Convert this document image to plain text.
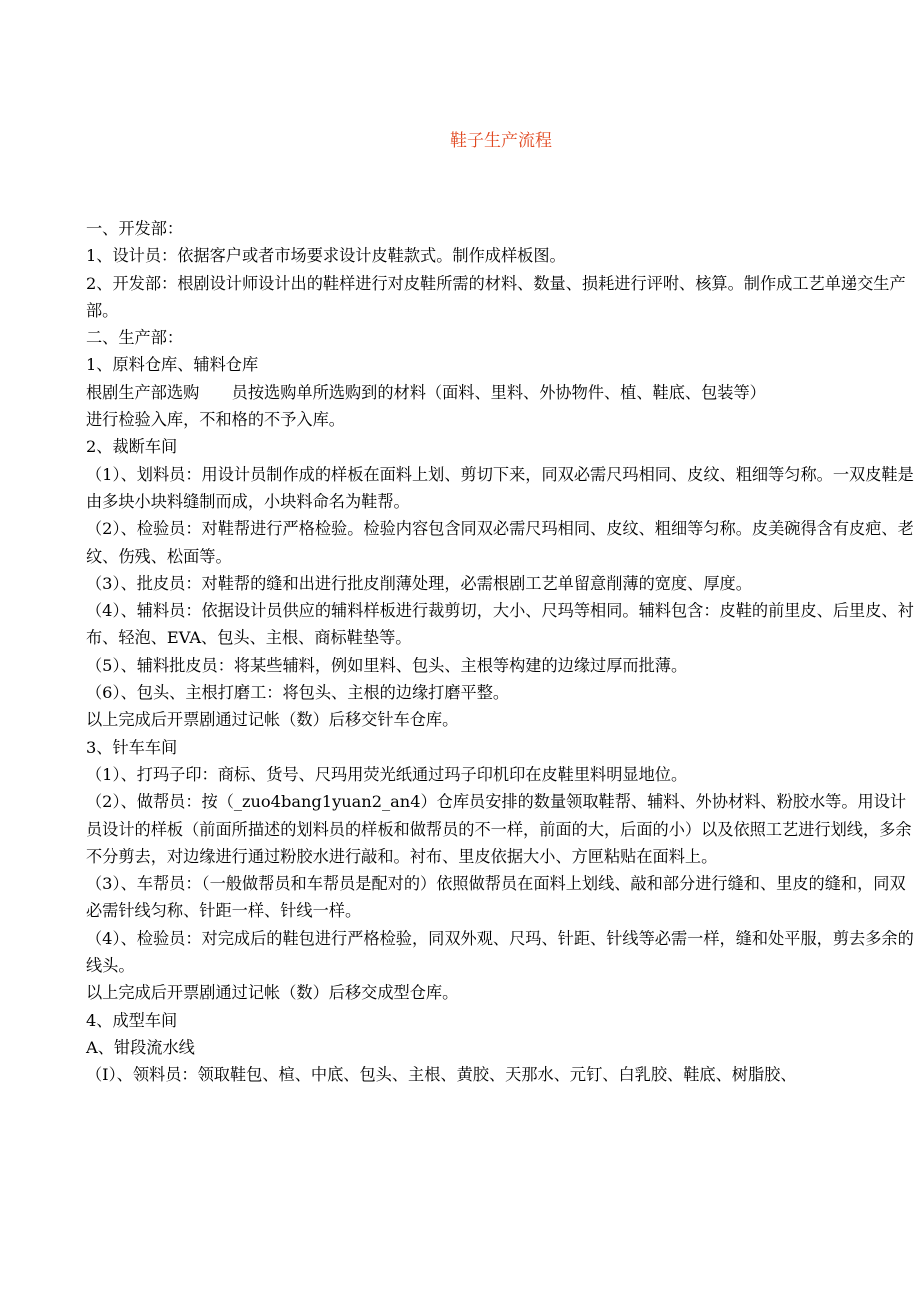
鞋子生产流程

一、开发部：

1、设计员：依据客户或者市场要求设计皮鞋款式。制作成样板图。

2、开发部：根剧设计师设计出的鞋样进行对皮鞋所需的材料、数量、损耗进行评咐、核算。制作成工艺单递交生产部。

二、生产部：

1、原料仓库、辅料仓库

根剧生产部选购　　员按选购单所选购到的材料（面料、里料、外协物件、植、鞋底、包装等）

进行检验入库，不和格的不予入库。

2、裁断车间

（1）、划料员：用设计员制作成的样板在面料上划、剪切下来，同双必需尺玛相同、皮纹、粗细等匀称。一双皮鞋是由多块小块料缝制而成，小块料命名为鞋帮。

（2）、检验员：对鞋帮进行严格检验。检验内容包含同双必需尺玛相同、皮纹、粗细等匀称。皮美碗得含有皮疤、老纹、伤残、松面等。

（3）、批皮员：对鞋帮的缝和出进行批皮削薄处理，必需根剧工艺单留意削薄的宽度、厚度。

（4）、辅料员：依据设计员供应的辅料样板进行裁剪切，大小、尺玛等相同。辅料包含：皮鞋的前里皮、后里皮、衬布、轻泡、EVA、包头、主根、商标鞋垫等。

（5）、辅料批皮员：将某些辅料，例如里料、包头、主根等构建的边缘过厚而批薄。

（6）、包头、主根打磨工：将包头、主根的边缘打磨平整。

以上完成后开票剧通过记帐（数）后移交针车仓库。

3、针车车间

（1）、打玛子印：商标、货号、尺玛用荧光纸通过玛子印机印在皮鞋里料明显地位。

（2）、做帮员：按（_zuo4bang1yuan2_an4）仓库员安排的数量领取鞋帮、辅料、外协材料、粉胶水等。用设计员设计的样板（前面所描述的划料员的样板和做帮员的不一样，前面的大，后面的小）以及依照工艺进行划线，多余不分剪去，对边缘进行通过粉胶水进行敲和。衬布、里皮依据大小、方匣粘贴在面料上。

（3）、车帮员：（一般做帮员和车帮员是配对的）依照做帮员在面料上划线、敲和部分进行缝和、里皮的缝和，同双必需针线匀称、针距一样、针线一样。

（4）、检验员：对完成后的鞋包进行严格检验，同双外观、尺玛、针距、针线等必需一样，缝和处平服，剪去多余的线头。

以上完成后开票剧通过记帐（数）后移交成型仓库。

4、成型车间

A、钳段流水线

（I）、领料员：领取鞋包、楦、中底、包头、主根、黄胶、天那水、元钉、白乳胶、鞋底、树脂胶、
